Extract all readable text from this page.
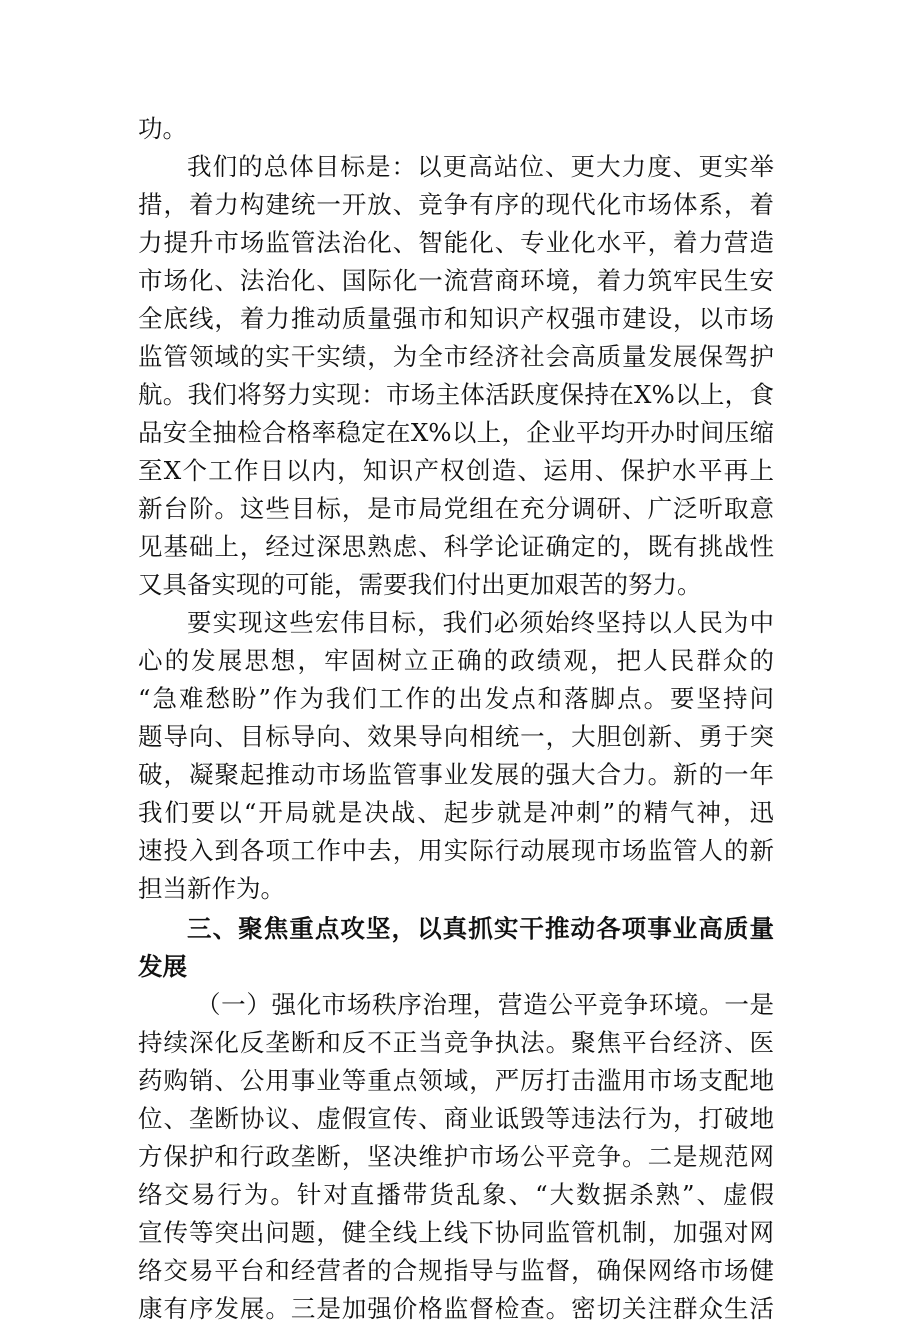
功。
我们的总体目标是：以更高站位、更大力度、更实举
措，着力构建统一开放、竞争有序的现代化市场体系，着
力提升市场监管法治化、智能化、专业化水平，着力营造
市场化、法治化、国际化一流营商环境，着力筑牢民生安
全底线，着力推动质量强市和知识产权强市建设，以市场
监管领域的实干实绩，为全市经济社会高质量发展保驾护
航。我们将努力实现：市场主体活跃度保持在X%以上，食
品安全抽检合格率稳定在X%以上，企业平均开办时间压缩
至X个工作日以内，知识产权创造、运用、保护水平再上
新台阶。这些目标，是市局党组在充分调研、广泛听取意
见基础上，经过深思熟虑、科学论证确定的，既有挑战性
又具备实现的可能，需要我们付出更加艰苦的努力。
要实现这些宏伟目标，我们必须始终坚持以人民为中
心的发展思想，牢固树立正确的政绩观，把人民群众的
“急难愁盼”作为我们工作的出发点和落脚点。要坚持问
题导向、目标导向、效果导向相统一，大胆创新、勇于突
破，凝聚起推动市场监管事业发展的强大合力。新的一年
我们要以“开局就是决战、起步就是冲刺”的精气神，迅
速投入到各项工作中去，用实际行动展现市场监管人的新
担当新作为。
三、聚焦重点攻坚，以真抓实干推动各项事业高质量
发展
（一）强化市场秩序治理，营造公平竞争环境。一是
持续深化反垄断和反不正当竞争执法。聚焦平台经济、医
药购销、公用事业等重点领域，严厉打击滥用市场支配地
位、垄断协议、虚假宣传、商业诋毁等违法行为，打破地
方保护和行政垄断，坚决维护市场公平竞争。二是规范网
络交易行为。针对直播带货乱象、“大数据杀熟”、虚假
宣传等突出问题，健全线上线下协同监管机制，加强对网
络交易平台和经营者的合规指导与监督，确保网络市场健
康有序发展。三是加强价格监督检查。密切关注群众生活
